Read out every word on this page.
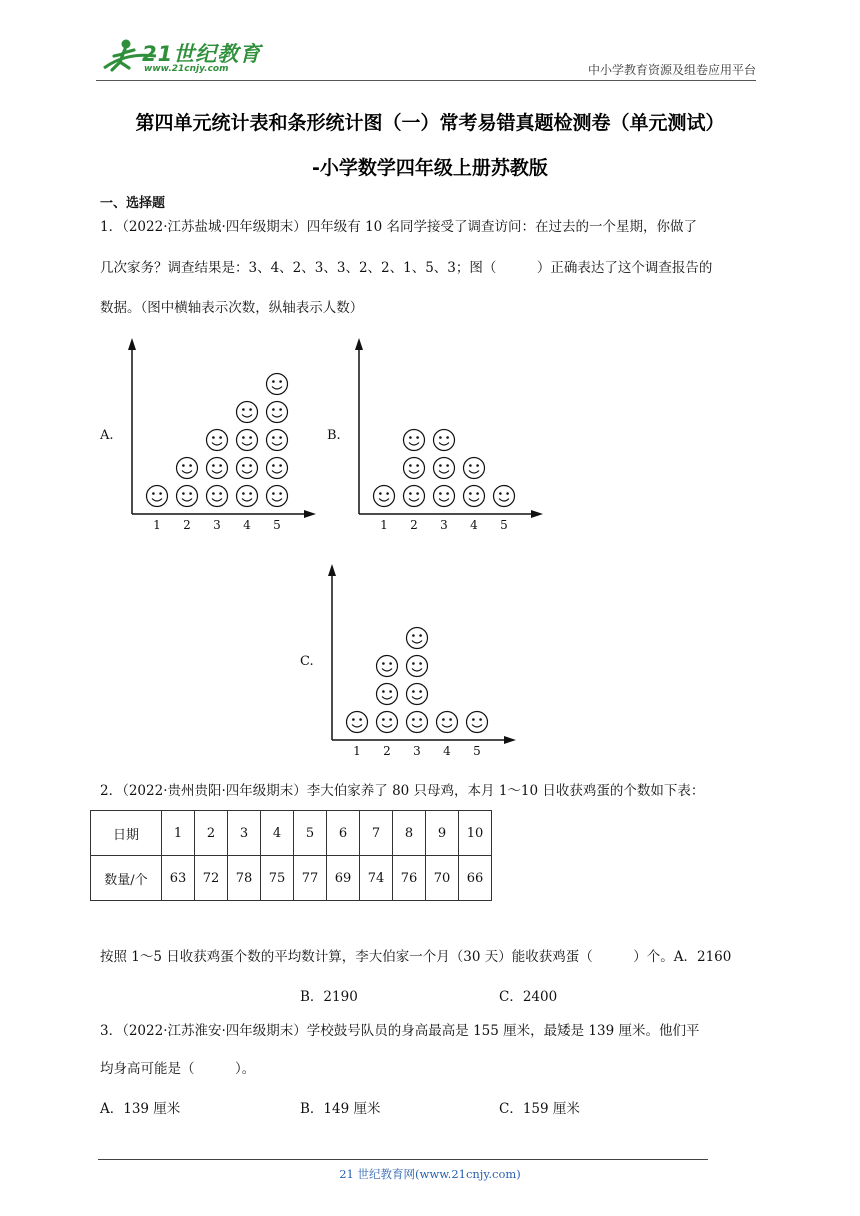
21世纪教育
www.21cnjy.com	中小学教育资源及组卷应用平台
第四单元统计表和条形统计图（一）常考易错真题检测卷（单元测试）
-小学数学四年级上册苏教版
一、选择题
1．（2022·江苏盐城·四年级期末）四年级有 10 名同学接受了调查访问：在过去的一个星期，你做了
几次家务？调查结果是：3、4、2、3、3、2、2、1、5、3；图（　　　）正确表达了这个调查报告的
数据。（图中横轴表示次数，纵轴表示人数）
A.
1 2 3 4 5
B.
1 2 3 4 5
C.
1 2 3 4 5
2．（2022·贵州贵阳·四年级期末）李大伯家养了 80 只母鸡，本月 1～10 日收获鸡蛋的个数如下表：
日期	1	2	3	4	5	6	7	8	9	10
数量/个	63	72	78	75	77	69	74	76	70	66
按照 1～5 日收获鸡蛋个数的平均数计算，李大伯家一个月（30 天）能收获鸡蛋（　　　）个。A．2160
B．2190	C．2400
3．（2022·江苏淮安·四年级期末）学校鼓号队员的身高最高是 155 厘米，最矮是 139 厘米。他们平
均身高可能是（　　　）。
A．139 厘米	B．149 厘米	C．159 厘米
21 世纪教育网(www.21cnjy.com)
